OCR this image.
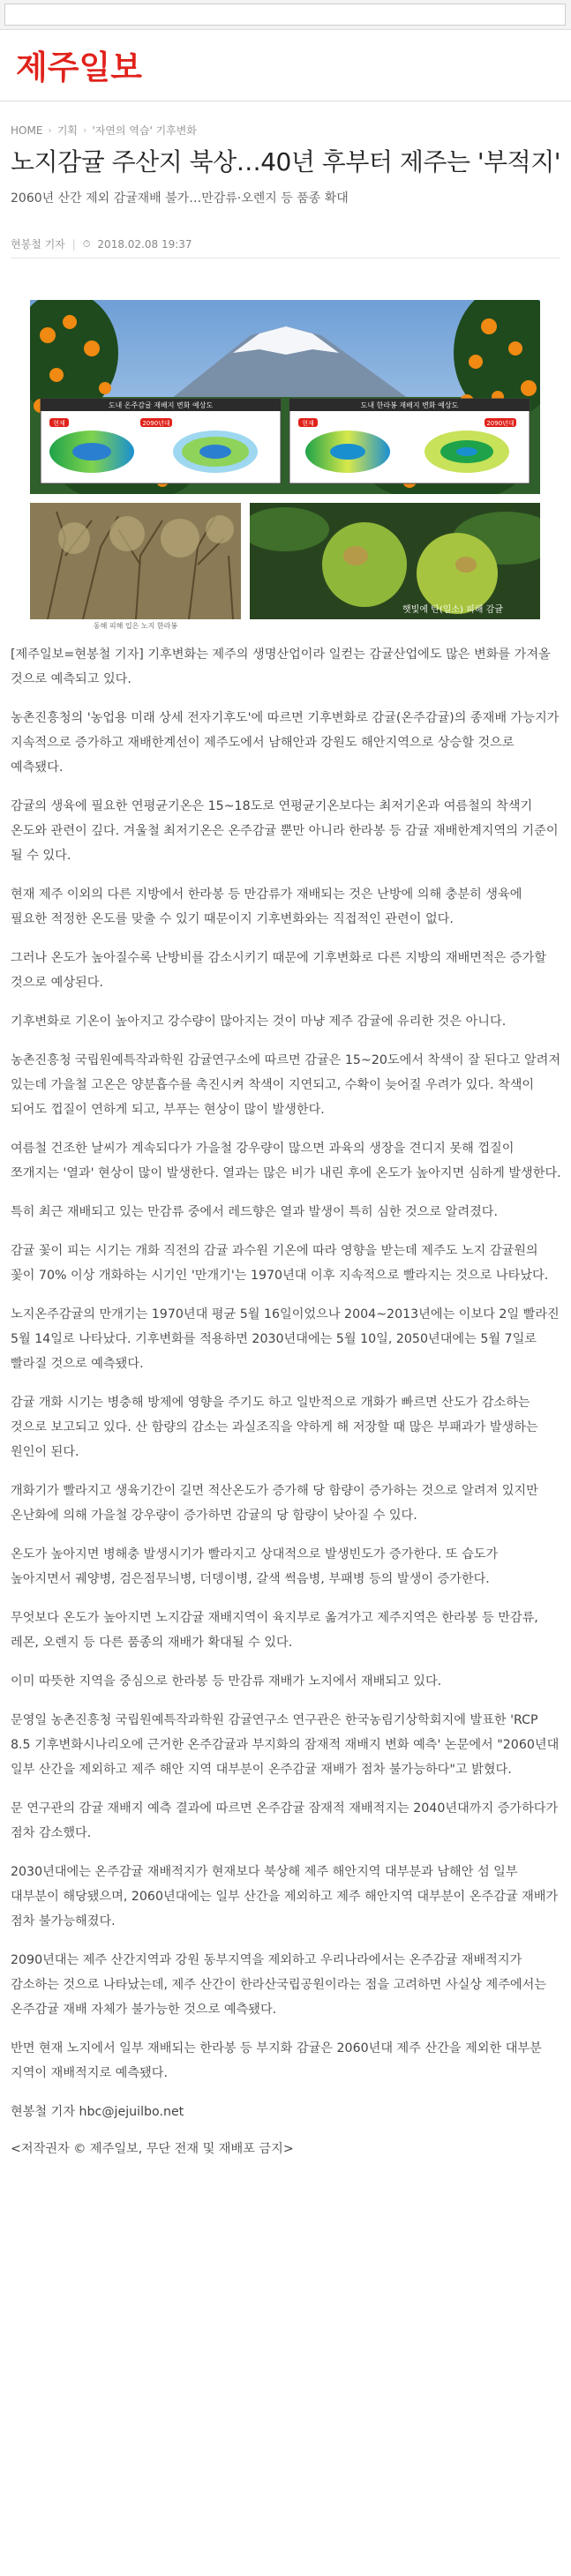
제주일보
HOME › 기획 › '자연의 역습' 기후변화
노지감귤 주산지 북상…40년 후부터 제주는 '부적지'
2060년 산간 제외 감귤재배 불가…만감류·오렌지 등 품종 확대
현봉철 기자 | ⏱ 2018.02.08 19:37
도내 온주감귤 재배지 변화 예상도	도내 한라봉 재배지 변화 예상도
현재	2090년대	현재	2090년대
햇빛에 탄(일소) 피해 감귤
동해 피해 입은 노지 한라봉

[제주일보=현봉철 기자] 기후변화는 제주의 생명산업이라 일컫는 감귤산업에도 많은 변화를 가져올 것으로 예측되고 있다.

농촌진흥청의 '농업용 미래 상세 전자기후도'에 따르면 기후변화로 감귤(온주감귤)의 종재배 가능지가 지속적으로 증가하고 재배한계선이 제주도에서 남해안과 강원도 해안지역으로 상승할 것으로 예측됐다.

감귤의 생육에 필요한 연평균기온은 15~18도로 연평균기온보다는 최저기온과 여름철의 착색기 온도와 관련이 깊다. 겨울철 최저기온은 온주감귤 뿐만 아니라 한라봉 등 감귤 재배한계지역의 기준이 될 수 있다.

현재 제주 이외의 다른 지방에서 한라봉 등 만감류가 재배되는 것은 난방에 의해 충분히 생육에 필요한 적정한 온도를 맞출 수 있기 때문이지 기후변화와는 직접적인 관련이 없다.

그러나 온도가 높아질수록 난방비를 감소시키기 때문에 기후변화로 다른 지방의 재배면적은 증가할 것으로 예상된다.

기후변화로 기온이 높아지고 강수량이 많아지는 것이 마냥 제주 감귤에 유리한 것은 아니다.

농촌진흥청 국립원예특작과학원 감귤연구소에 따르면 감귤은 15~20도에서 착색이 잘 된다고 알려져 있는데 가을철 고온은 양분흡수를 촉진시켜 착색이 지연되고, 수확이 늦어질 우려가 있다. 착색이 되어도 껍질이 연하게 되고, 부푸는 현상이 많이 발생한다.

여름철 건조한 날씨가 계속되다가 가을철 강우량이 많으면 과육의 생장을 견디지 못해 껍질이 쪼개지는 '열과' 현상이 많이 발생한다. 열과는 많은 비가 내린 후에 온도가 높아지면 심하게 발생한다.

특히 최근 재배되고 있는 만감류 중에서 레드향은 열과 발생이 특히 심한 것으로 알려졌다.

감귤 꽃이 피는 시기는 개화 직전의 감귤 과수원 기온에 따라 영향을 받는데 제주도 노지 감귤원의 꽃이 70% 이상 개화하는 시기인 '만개기'는 1970년대 이후 지속적으로 빨라지는 것으로 나타났다.

노지온주감귤의 만개기는 1970년대 평균 5월 16일이었으나 2004~2013년에는 이보다 2일 빨라진 5월 14일로 나타났다. 기후변화를 적용하면 2030년대에는 5월 10일, 2050년대에는 5월 7일로 빨라질 것으로 예측됐다.

감귤 개화 시기는 병충해 방제에 영향을 주기도 하고 일반적으로 개화가 빠르면 산도가 감소하는 것으로 보고되고 있다. 산 함량의 감소는 과실조직을 약하게 해 저장할 때 많은 부패과가 발생하는 원인이 된다.

개화기가 빨라지고 생육기간이 길면 적산온도가 증가해 당 함량이 증가하는 것으로 알려져 있지만 온난화에 의해 가을철 강우량이 증가하면 감귤의 당 함량이 낮아질 수 있다.

온도가 높아지면 병해충 발생시기가 빨라지고 상대적으로 발생빈도가 증가한다. 또 습도가 높아지면서 궤양병, 검은점무늬병, 더뎅이병, 갈색 썩음병, 부패병 등의 발생이 증가한다.

무엇보다 온도가 높아지면 노지감귤 재배지역이 육지부로 옮겨가고 제주지역은 한라봉 등 만감류, 레몬, 오렌지 등 다른 품종의 재배가 확대될 수 있다.

이미 따뜻한 지역을 중심으로 한라봉 등 만감류 재배가 노지에서 재배되고 있다.

문영일 농촌진흥청 국립원예특작과학원 감귤연구소 연구관은 한국농림기상학회지에 발표한 'RCP 8.5 기후변화시나리오에 근거한 온주감귤과 부지화의 잠재적 재배지 변화 예측' 논문에서 "2060년대 일부 산간을 제외하고 제주 해안 지역 대부분이 온주감귤 재배가 점차 불가능하다"고 밝혔다.

문 연구관의 감귤 재배지 예측 결과에 따르면 온주감귤 잠재적 재배적지는 2040년대까지 증가하다가 점차 감소했다.

2030년대에는 온주감귤 재배적지가 현재보다 북상해 제주 해안지역 대부분과 남해안 섬 일부 대부분이 해당됐으며, 2060년대에는 일부 산간을 제외하고 제주 해안지역 대부분이 온주감귤 재배가 점차 불가능해졌다.

2090년대는 제주 산간지역과 강원 동부지역을 제외하고 우리나라에서는 온주감귤 재배적지가 감소하는 것으로 나타났는데, 제주 산간이 한라산국립공원이라는 점을 고려하면 사실상 제주에서는 온주감귤 재배 자체가 불가능한 것으로 예측됐다.

반면 현재 노지에서 일부 재배되는 한라봉 등 부지화 감귤은 2060년대 제주 산간을 제외한 대부분 지역이 재배적지로 예측됐다.

현봉철 기자 hbc@jejuilbo.net

<저작권자 © 제주일보, 무단 전재 및 재배포 금지>
